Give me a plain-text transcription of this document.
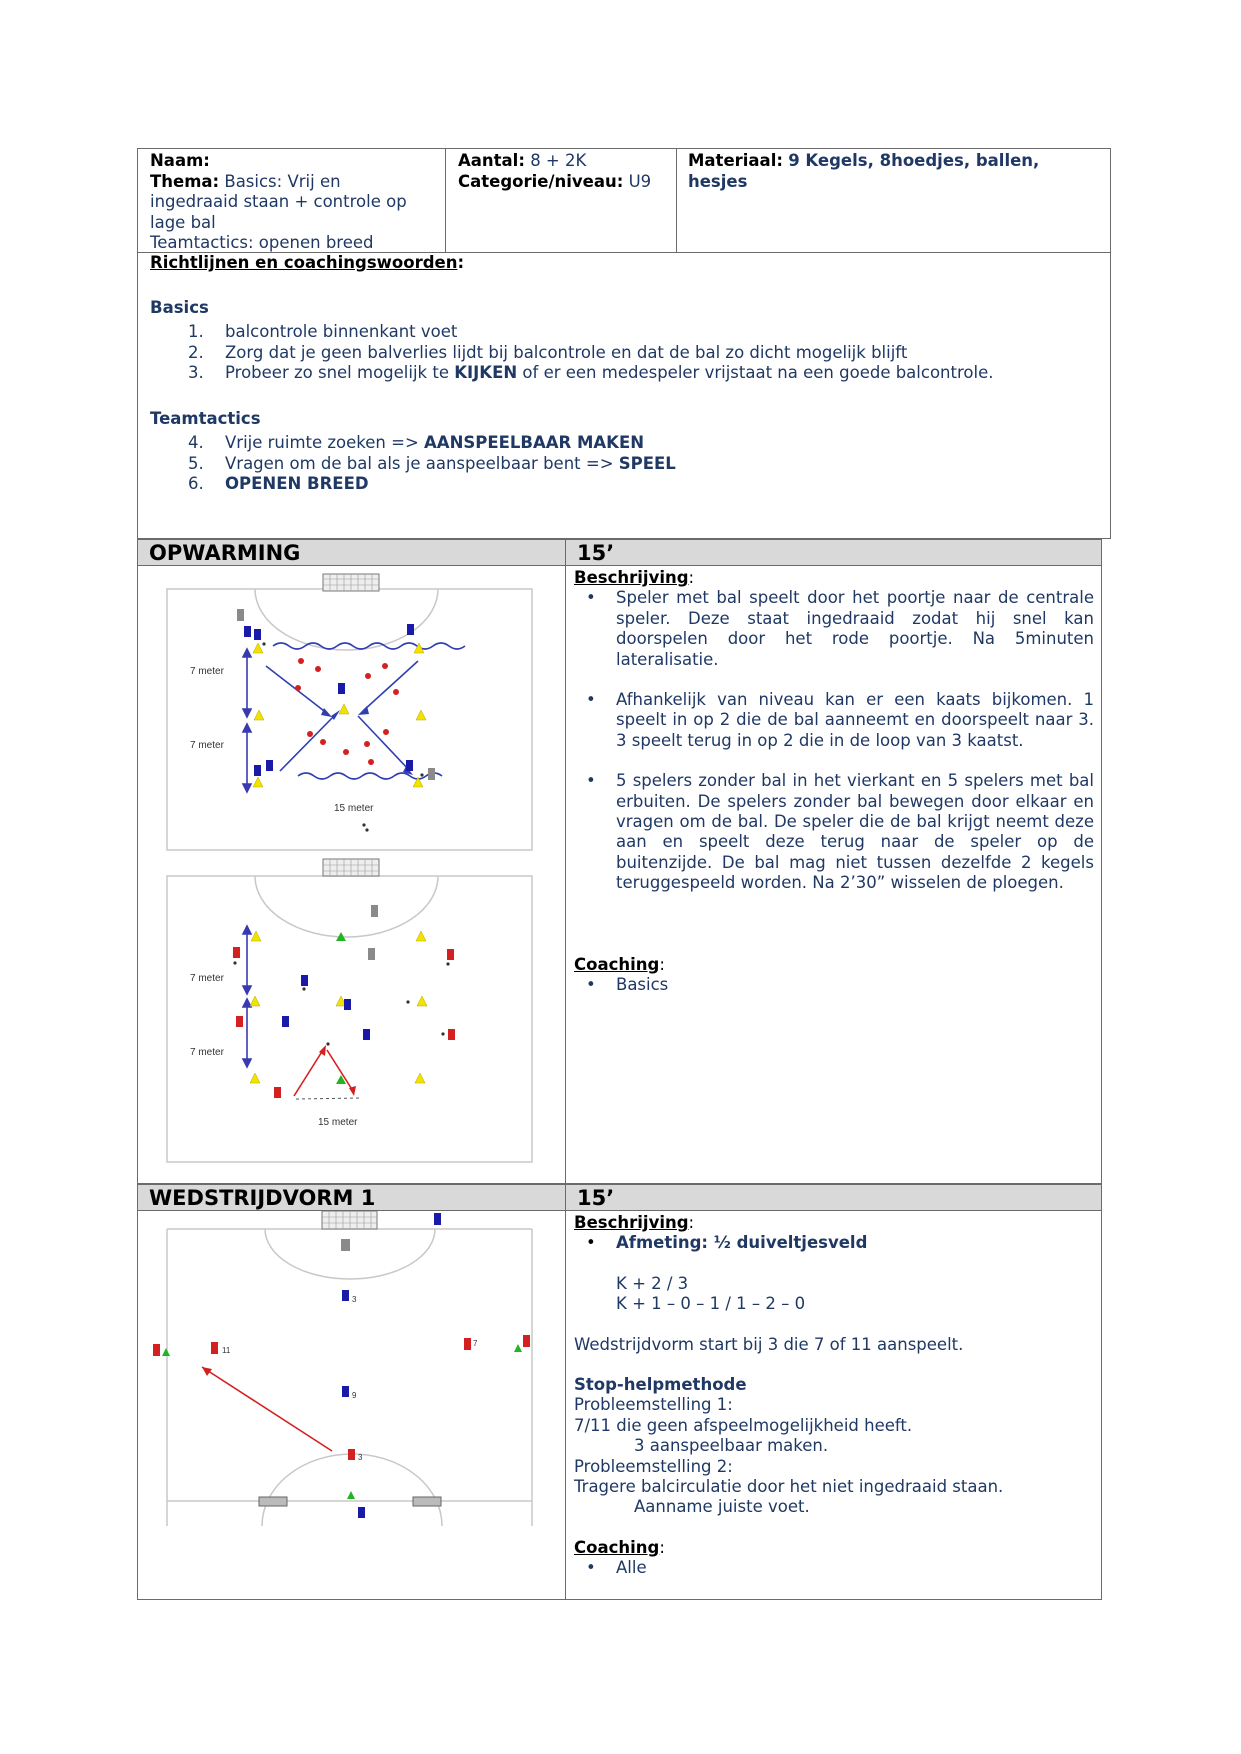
Naam:

Thema: Basics: Vrij en

ingedraaid staan + controle op

lage bal

Teamtactics: openen breed

Aantal: 8 + 2K

Categorie/niveau: U9

Materiaal: 9 Kegels, 8hoedjes, ballen,

hesjes

Richtlijnen en coachingswoorden:

Basics

1. balcontrole binnenkant voet
2. Zorg dat je geen balverlies lijdt bij balcontrole en dat de bal zo dicht mogelijk blijft
3. Probeer zo snel mogelijk te KIJKEN of er een medespeler vrijstaat na een goede balcontrole.

Teamtactics

4. Vrije ruimte zoeken => AANSPEELBAAR MAKEN
5. Vragen om de bal als je aanspeelbaar bent => SPEEL
6. OPENEN BREED
OPWARMING	15’
7 meter
7 meter
15 meter
7 meter
7 meter
15 meter

Beschrijving:

• Speler met bal speelt door het poortje naar de centrale speler. Deze staat ingedraaid zodat hij snel kan doorspelen door het rode poortje. Na 5minuten lateralisatie.

• Afhankelijk van niveau kan er een kaats bijkomen. 1 speelt in op 2 die de bal aanneemt en doorspeelt naar 3. 3 speelt terug in op 2 die in de loop van 3 kaatst.

• 5 spelers zonder bal in het vierkant en 5 spelers met bal erbuiten. De spelers zonder bal bewegen door elkaar en vragen om de bal. De speler die de bal krijgt neemt deze aan en speelt deze terug naar de speler op de buitenzijde. De bal mag niet tussen dezelfde 2 kegels teruggespeeld worden. Na 2’30” wisselen de ploegen.

Coaching:

• Basics

WEDSTRIJDVORM 1	15’
3
11
7
9
3

Beschrijving:

• Afmeting: ½ duiveltjesveld

K + 2 / 3

K + 1 – 0 – 1 / 1 – 2 – 0

Wedstrijdvorm start bij 3 die 7 of 11 aanspeelt.

Stop-helpmethode

Probleemstelling 1:

7/11 die geen afspeelmogelijkheid heeft.

3 aanspeelbaar maken.

Probleemstelling 2:

Tragere balcirculatie door het niet ingedraaid staan.

Aanname juiste voet.

Coaching:

• Alle
